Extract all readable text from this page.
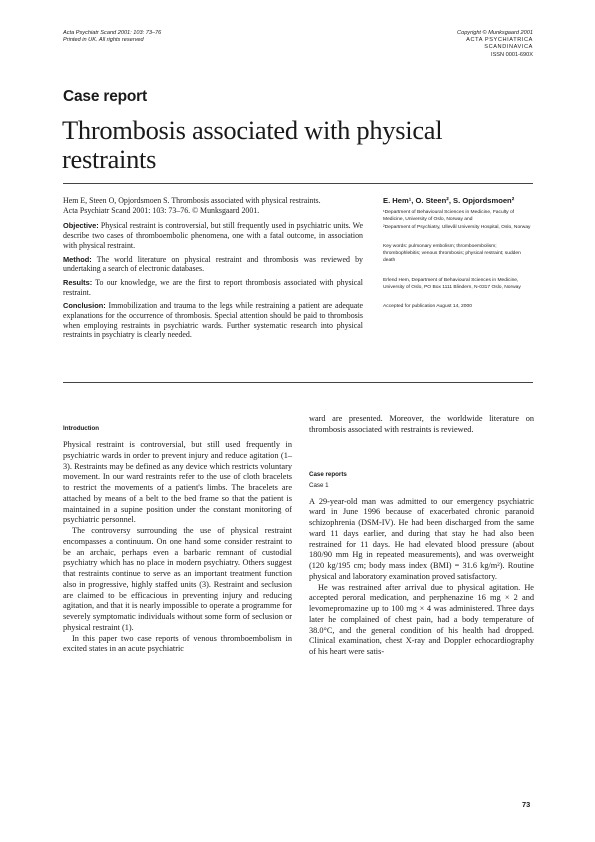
Acta Psychiatr Scand 2001: 103: 73–76
Printed in UK. All rights reserved
Copyright © Munksgaard 2001
ACTA PSYCHIATRICA
SCANDINAVICA
ISSN 0001-690X
Case report
Thrombosis associated with physical restraints

Hem E, Steen O, Opjordsmoen S. Thrombosis associated with physical restraints.
Acta Psychiatr Scand 2001: 103: 73–76. © Munksgaard 2001.

Objective: Physical restraint is controversial, but still frequently used in psychiatric units. We describe two cases of thromboembolic phenomena, one with a fatal outcome, in association with physical restraint.

Method: The world literature on physical restraint and thrombosis was reviewed by undertaking a search of electronic databases.

Results: To our knowledge, we are the first to report thrombosis associated with physical restraint.

Conclusion: Immobilization and trauma to the legs while restraining a patient are adequate explanations for the occurrence of thrombosis. Special attention should be paid to thrombosis when employing restraints in psychiatric wards. Further systematic research into physical restraints in psychiatry is clearly needed.

E. Hem¹, O. Steen², S. Opjordsmoen²

¹Department of Behavioural Sciences in Medicine, Faculty of Medicine, University of Oslo, Norway and

²Department of Psychiatry, Ullevål University Hospital, Oslo, Norway

Key words: pulmonary embolism; thromboembolism; thrombophlebitis; venous thrombosis; physical restraint; sudden death
Erlend Hem, Department of Behavioural Sciences in Medicine, University of Oslo, PO Box 1111 Blindern, N-0317 Oslo, Norway
Accepted for publication August 14, 2000

Introduction

Physical restraint is controversial, but still used frequently in psychiatric wards in order to prevent injury and reduce agitation (1–3). Restraints may be defined as any device which restricts voluntary movement. In our ward restraints refer to the use of cloth bracelets to restrict the movements of a patient's limbs. The bracelets are attached by means of a belt to the bed frame so that the patient is maintained in a supine position under the constant monitoring of psychiatric personnel.

The controversy surrounding the use of physical restraint encompasses a continuum. On one hand some consider restraint to be an archaic, perhaps even a barbaric remnant of custodial psychiatry which has no place in modern psychiatry. Others suggest that restraints continue to serve as an important treatment function also in progressive, highly staffed units (3). Restraint and seclusion are claimed to be efficacious in preventing injury and reducing agitation, and that it is nearly impossible to operate a programme for severely symptomatic individuals without some form of seclusion or physical restraint (1).

In this paper two case reports of venous thromboembolism in excited states in an acute psychiatric

ward are presented. Moreover, the worldwide literature on thrombosis associated with restraints is reviewed.

Case reports

Case 1

A 29-year-old man was admitted to our emergency psychiatric ward in June 1996 because of exacerbated chronic paranoid schizophrenia (DSM-IV). He had been discharged from the same ward 11 days earlier, and during that stay he had also been restrained for 11 days. He had elevated blood pressure (about 180/90 mm Hg in repeated measurements), and was overweight (120 kg/195 cm; body mass index (BMI) = 31.6 kg/m²). Routine physical and laboratory examination proved satisfactory.

He was restrained after arrival due to physical agitation. He accepted peroral medication, and perphenazine 16 mg × 2 and levomepromazine up to 100 mg × 4 was administered. Three days later he complained of chest pain, had a body temperature of 38.0°C, and the general condition of his health had dropped. Clinical examination, chest X-ray and Doppler echocardiography of his heart were satis-

73
